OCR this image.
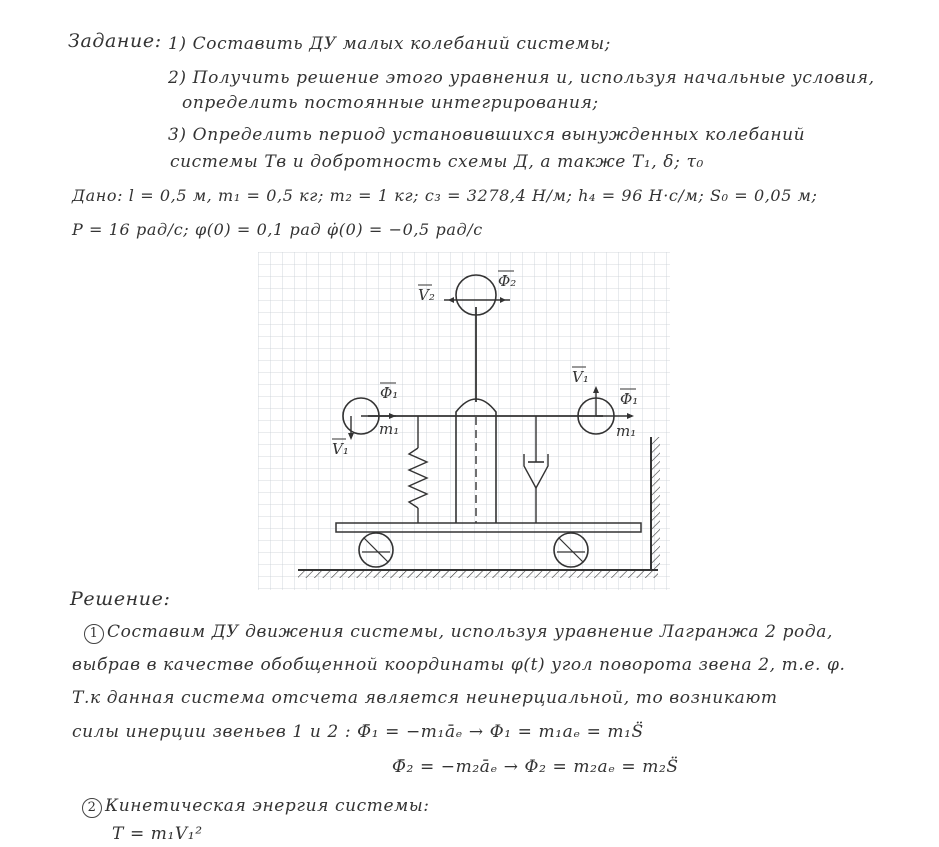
Задание: 1) Составить ДУ малых колебаний системы;
2) Получить решение этого уравнения и, используя начальные условия,
определить постоянные интегрирования;
3) Определить период установившихся вынужденных колебаний
системы Тв и добротность схемы Д, а также Т₁, δ; τ₀
Дано: l = 0,5 м, m₁ = 0,5 кг; m₂ = 1 кг; c₃ = 3278,4 Н/м; h₄ = 96 Н·с/м; S₀ = 0,05 м;
P = 16 рад/с; φ(0) = 0,1 рад φ̇(0) = −0,5 рад/с
V₂
Φ₂
V₁
Φ₁
m₁
Φ₁
m₁
V₁
Решение:
1 Составим ДУ движения системы, используя уравнение Лагранжа 2 рода,
выбрав в качестве обобщенной координаты φ(t) угол поворота звена 2, т.е. φ.
Т.к данная система отсчета является неинерциальной, то возникают
силы инерции звеньев 1 и 2 : Φ̄₁ = −m₁āₑ → Φ₁ = m₁aₑ = m₁S̈
Φ̄₂ = −m₂āₑ → Φ₂ = m₂aₑ = m₂S̈
2 Кинетическая энергия системы:
T = m₁V₁²
